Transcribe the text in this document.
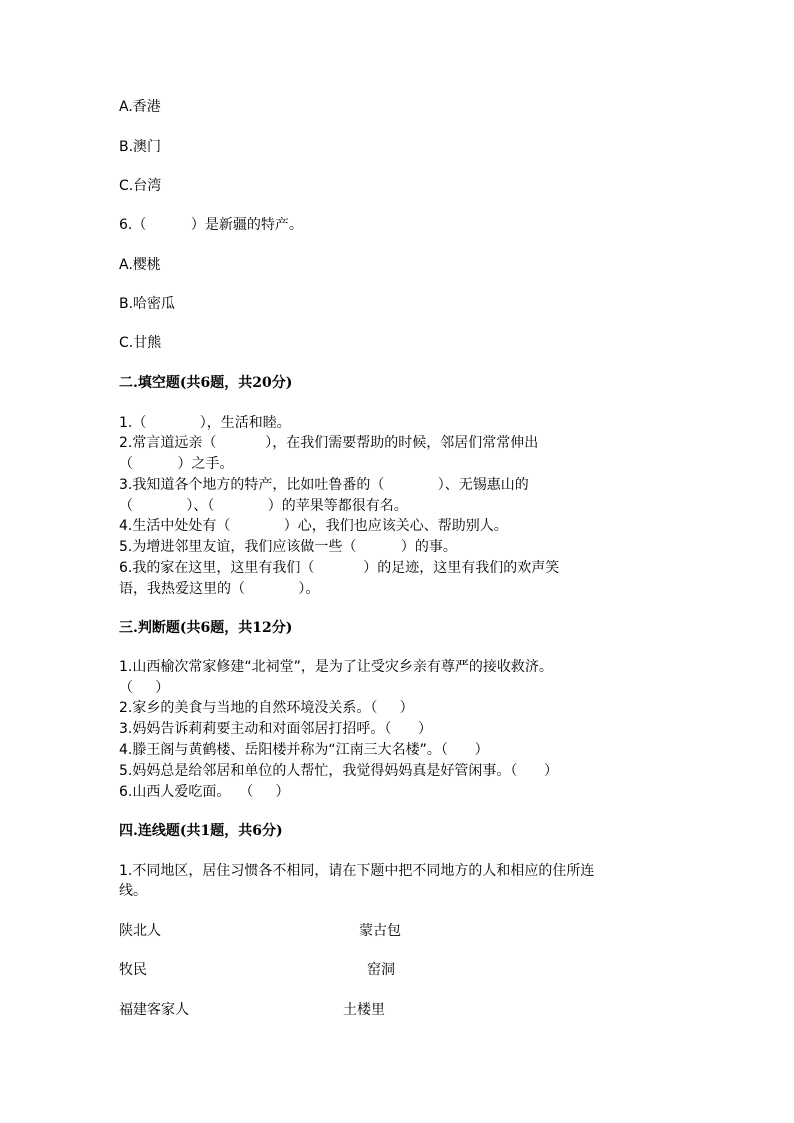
A.香港
B.澳门
C.台湾
6.（          ）是新疆的特产。
A.樱桃
B.哈密瓜
C.甘熊
二.填空题(共6题，共20分)
1.（            ），生活和睦。
2.常言道远亲（           ），在我们需要帮助的时候，邻居们常常伸出
（          ）之手。
3.我知道各个地方的特产，比如吐鲁番的（            ）、无锡惠山的
（            ）、（            ）的苹果等都很有名。
4.生活中处处有（            ）心，我们也应该关心、帮助别人。
5.为增进邻里友谊，我们应该做一些（          ）的事。
6.我的家在这里，这里有我们（           ）的足迹，这里有我们的欢声笑
语，我热爱这里的（            ）。
三.判断题(共6题，共12分)
1.山西榆次常家修建“北祠堂”，是为了让受灾乡亲有尊严的接收救济。
（     ）
2.家乡的美食与当地的自然环境没关系。（     ）
3.妈妈告诉莉莉要主动和对面邻居打招呼。（      ）
4.滕王阁与黄鹤楼、岳阳楼并称为“江南三大名楼”。（      ）
5.妈妈总是给邻居和单位的人帮忙，我觉得妈妈真是好管闲事。（      ）
6.山西人爱吃面。  （     ）
四.连线题(共1题，共6分)
1.不同地区，居住习惯各不相同，请在下题中把不同地方的人和相应的住所连
线。
陕北人	蒙古包
牧民	窑洞
福建客家人	土楼里
